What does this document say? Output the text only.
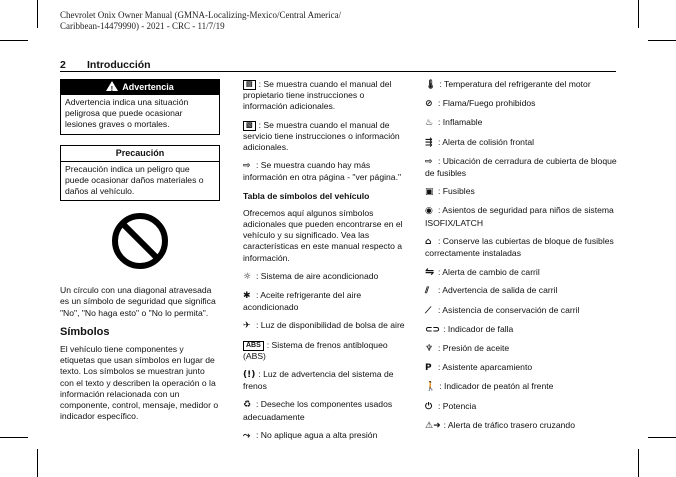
Chevrolet Onix Owner Manual (GMNA-Localizing-Mexico/Central America/
Caribbean-14479990) - 2021 - CRC - 11/7/19
2 Introducción
!Advertencia
Advertencia indica una situación peligrosa que puede ocasionar lesiones graves o mortales.
Precaución
Precaución indica un peligro que puede ocasionar daños materiales o daños al vehículo.
Un círculo con una diagonal atravesada es un símbolo de seguridad que significa "No", "No haga esto" o "No lo permita".
Símbolos
El vehículo tiene componentes y etiquetas que usan símbolos en lugar de texto. Los símbolos se muestran junto con el texto y describen la operación o la información relacionada con un componente, control, mensaje, medidor o indicador específico.
▤ : Se muestra cuando el manual del propietario tiene instrucciones o información adicionales.
▧ : Se muestra cuando el manual de servicio tiene instrucciones o información adicionales.
⇨ : Se muestra cuando hay más información en otra página - "ver página."
Tabla de símbolos del vehículo
Ofrecemos aquí algunos símbolos adicionales que pueden encontrarse en el vehículo y su significado. Vea las características en este manual respecto a información.
☼ : Sistema de aire acondicionado
✱ : Aceite refrigerante del aire acondicionado
✈ : Luz de disponibilidad de bolsa de aire
ABS : Sistema de frenos antibloqueo (ABS)
(!) : Luz de advertencia del sistema de frenos
♻ : Deseche los componentes usados adecuadamente
⤳ : No aplique agua a alta presión
🌡 : Temperatura del refrigerante del motor
⊘ : Flama/Fuego prohibidos
♨ : Inflamable
⇶ : Alerta de colisión frontal
⇨ : Ubicación de cerradura de cubierta de bloque de fusibles
▣ : Fusibles
◉ : Asientos de seguridad para niños de sistema ISOFIX/LATCH
⌂ : Conserve las cubiertas de bloque de fusibles correctamente instaladas
⇋ : Alerta de cambio de carril
⫽ : Advertencia de salida de carril
⟋ : Asistencia de conservación de carril
⊂⊃ : Indicador de falla
♆ : Presión de aceite
P : Asistente aparcamiento
🚶 : Indicador de peatón al frente
⏻ : Potencia
⚠➜ : Alerta de tráfico trasero cruzando
